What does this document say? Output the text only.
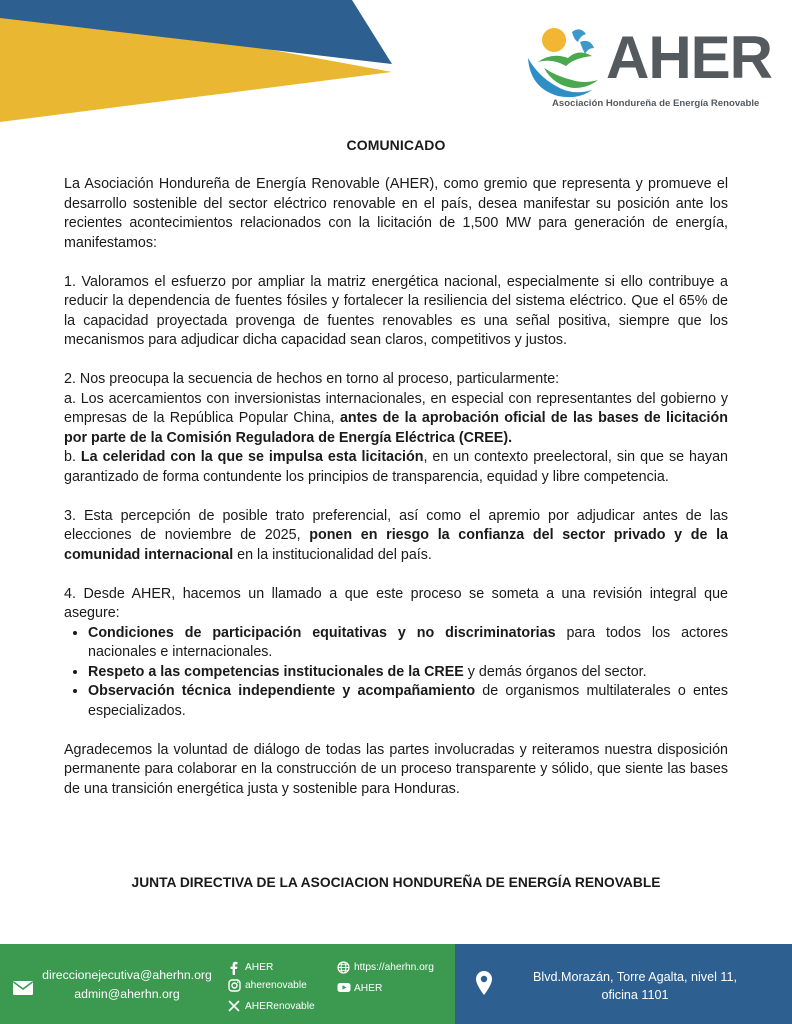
AHER
Asociación Hondureña de Energía Renovable
COMUNICADO

La Asociación Hondureña de Energía Renovable (AHER), como gremio que representa y promueve el desarrollo sostenible del sector eléctrico renovable en el país, desea manifestar su posición ante los recientes acontecimientos relacionados con la licitación de 1,500 MW para generación de energía, manifestamos:

1. Valoramos el esfuerzo por ampliar la matriz energética nacional, especialmente si ello contribuye a reducir la dependencia de fuentes fósiles y fortalecer la resiliencia del sistema eléctrico. Que el 65% de la capacidad proyectada provenga de fuentes renovables es una señal positiva, siempre que los mecanismos para adjudicar dicha capacidad sean claros, competitivos y justos.

2. Nos preocupa la secuencia de hechos en torno al proceso, particularmente:

a. Los acercamientos con inversionistas internacionales, en especial con representantes del gobierno y empresas de la República Popular China, antes de la aprobación oficial de las bases de licitación por parte de la Comisión Reguladora de Energía Eléctrica (CREE).

b. La celeridad con la que se impulsa esta licitación, en un contexto preelectoral, sin que se hayan garantizado de forma contundente los principios de transparencia, equidad y libre competencia.

3. Esta percepción de posible trato preferencial, así como el apremio por adjudicar antes de las elecciones de noviembre de 2025, ponen en riesgo la confianza del sector privado y de la comunidad internacional en la institucionalidad del país.

4. Desde AHER, hacemos un llamado a que este proceso se someta a una revisión integral que asegure:

• Condiciones de participación equitativas y no discriminatorias para todos los actores nacionales e internacionales.
• Respeto a las competencias institucionales de la CREE y demás órganos del sector.
• Observación técnica independiente y acompañamiento de organismos multilaterales o entes especializados.

Agradecemos la voluntad de diálogo de todas las partes involucradas y reiteramos nuestra disposición permanente para colaborar en la construcción de un proceso transparente y sólido, que siente las bases de una transición energética justa y sostenible para Honduras.

JUNTA DIRECTIVA DE LA ASOCIACION HONDUREÑA DE ENERGÍA RENOVABLE
direccionejecutiva@aherhn.org
admin@aherhn.org
AHER
aherenovable
AHERenovable
https://aherhn.org
AHER
Blvd.Morazán, Torre Agalta, nivel 11,
oficina 1101
